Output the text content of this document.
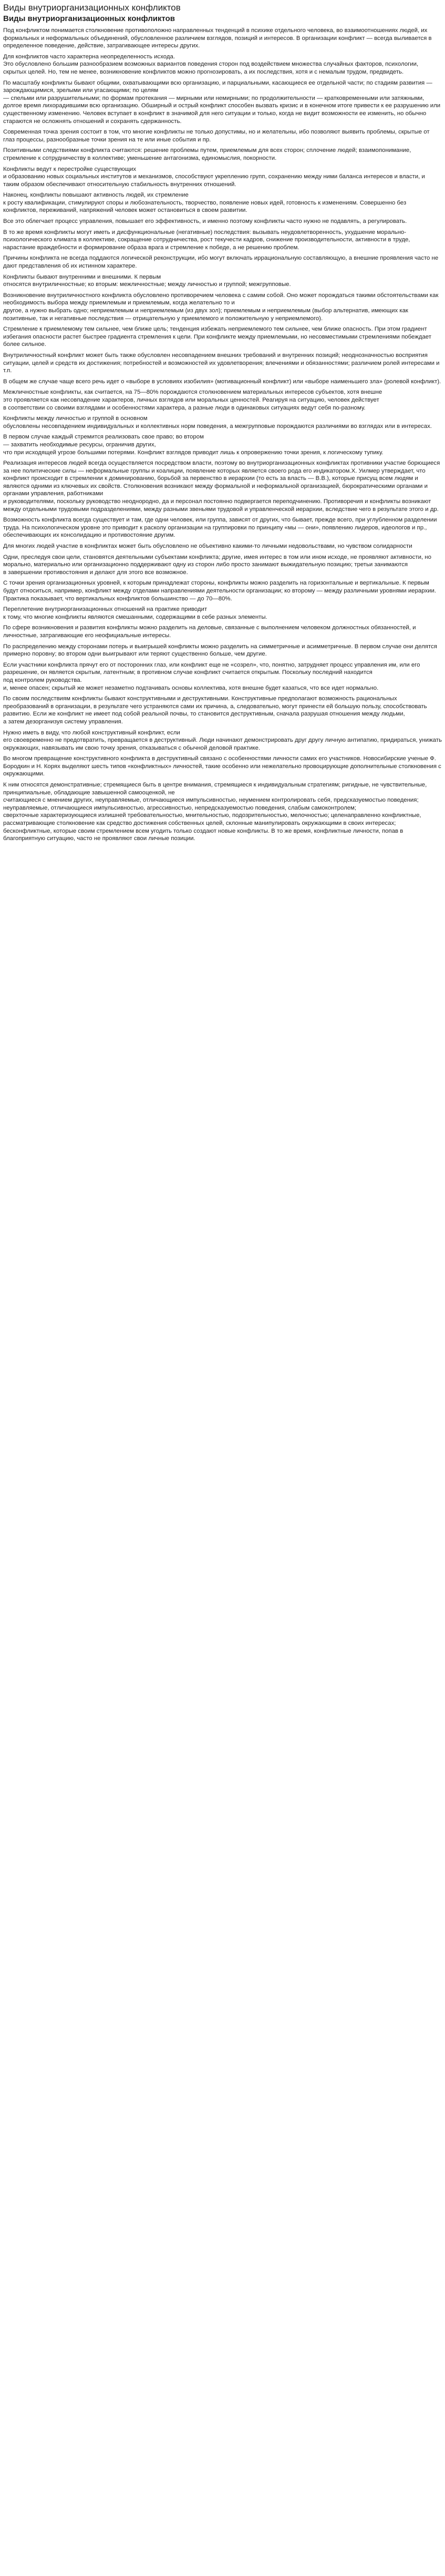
Виды внутриорганизационных конфликтов
Виды внутриорганизационных конфликтов

Под конфликтом понимается столкновение противоположно направленных тенденций в психике отдельного человека, во взаимоотношениях людей, их формальных и неформальных объединений, обусловленное различием взглядов, позиций и интересов. В организации конфликт — всегда выливается в определенное поведение, действие, затрагивающее интересы других.

Для конфликтов часто характерна неопределенность исхода.
Это обусловлено большим разнообразием возможных вариантов поведения сторон под воздействием множества случайных факторов, психологии, скрытых целей. Но, тем не менее, возникновение конфликтов можно прогнозировать, а их последствия, хотя и с немалым трудом, предвидеть.

По масштабу конфликты бывают общими, охватывающими всю организацию, и парциальными, касающиеся ее отдельной части; по стадиям развития — зарождающимися, зрелыми или угасающими; по целям
— спельми или разрушительными; по формам протекания — мирными или немирными; по продолжительности — кратковременными или затяжными, долгое время лихорадившими всю организацию. Обширный и острый конфликт способен вызвать кризис и в конечном итоге привести к ее разрушению или существенному изменению. Человек вступает в конфликт в значимой для него ситуации и только, когда не видит возможности ее изменить, но обычно стараются не осложнять отношений и сохранять сдержанность.

Современная точка зрения состоит в том, что многие конфликты не только допустимы, но и желательны, ибо позволяют выявить проблемы, скрытые от глаз процессы, разнообразные точки зрения на те или иные события и пр.

Позитивными следствиями конфликта считаются: решение проблемы путем, приемлемым для всех сторон; сплочение людей; взаимопонимание, стремление к сотрудничеству в коллективе; уменьшение антагонизма, единомыслия, покорности.

Конфликты ведут к перестройке существующих
и образованию новых социальных институтов и механизмов, способствуют укреплению групп, сохранению между ними баланса интересов и власти, и таким образом обеспечивают относительную стабильность внутренних отношений.

Наконец, конфликты повышают активность людей, их стремление
к росту квалификации, стимулируют споры и любознательность, творчество, появление новых идей, готовность к изменениям. Совершенно без конфликтов, переживаний, напряжений человек может остановиться в своем развитии.

Все это облегчает процесс управления, повышает его эффективность, и именно поэтому конфликты часто нужно не подавлять, а регулировать.

В то же время конфликты могут иметь и дисфункциональные (негативные) последствия: вызывать неудовлетворенность, ухудшение морально-психологического климата в коллективе, сокращение сотрудничества, рост текучести кадров, снижение производительности, активности в труде, нарастание враждебности и формирование образа врага и стремление к победе, а не решению проблем.

Причины конфликта не всегда поддаются логической реконструкции, ибо могут включать иррациональную составляющую, а внешние проявления часто не дают представления об их истинном характере.

Конфликты бывают внутренними и внешними. К первым
относятся внутриличностные; ко вторым: межличностные; между личностью и группой; межгрупповые.

Возникновение внутриличностного конфликта обусловлено противоречием человека с самим собой. Оно может порождаться такими обстоятельствами как необходимость выбора между приемлемым и приемлемым, когда желательно то и
другое, а нужно выбрать одно; неприемлемым и неприемлемым (из двух зол); приемлемым и неприемлемым (выбор альтернатив, имеющих как позитивные, так и негативные последствия — отрицательную у приемлемого и положительную у неприемлемого).

Стремление к приемлемому тем сильнее, чем ближе цель; тенденция избежать неприемлемого тем сильнее, чем ближе опасность. При этом градиент избегания опасности растет быстрее градиента стремления к цели. При конфликте между приемлемыми, но несовместимыми стремлениями побеждает более сильное.

Внутриличностный конфликт может быть также обусловлен несовпадением внешних требований и внутренних позиций; неоднозначностью восприятия ситуации, целей и средств их достижения; потребностей и возможностей их удовлетворения; влечениями и обязанностями; различием ролей интересами и т.п.

В общем же случае чаще всего речь идет о «выборе в условиях изобилия» (мотивационный конфликт) или «выборе наименьшего зла» (ролевой конфликт).

Межличностные конфликты, как считается, на 75—80% порождаются столкновением материальных интересов субъектов, хотя внешне
это проявляется как несовпадение характеров, личных взглядов или моральных ценностей. Реагируя на ситуацию, человек действует
в соответствии со своими взглядами и особенностями характера, а разные люди в одинаковых ситуациях ведут себя по-разному.

Конфликты между личностью и группой в основном
обусловлены несовпадением индивидуальных и коллективных норм поведения, а межгрупповые порождаются различиями во взглядах или в интересах.

В первом случае каждый стремится реализовать свое право; во втором
— захватить необходимые ресурсы, ограничив других,
что при исходящей угрозе большими потерями. Конфликт взглядов приводит лишь к опровержению точки зрения, к логическому тупику.

Реализация интересов людей всегда осуществляется посредством власти, поэтому во внутриорганизационных конфликтах противники участие борющиеся за нее политические силы — неформальные группы и коалиции, появление которых является своего рода его индикатором.Х. Уилмер утверждает, что конфликт происходит в стремлении к доминированию, борьбой за первенство в иерархии (то есть за власть — В.В.), которые присущ всем людям и являются одними из ключевых их свойств. Столкновения возникают между формальной и неформальной организацией, бюрократическими органами и органами управления, работниками
и руководителями, поскольку руководство неоднородно, да и персонал постоянно подвергается переподчинению. Противоречия и конфликты возникают между отдельными трудовыми подразделениями, между разными звеньями трудовой и управленческой иерархии, вследствие чего в результате этого и др.

Возможность конфликта всегда существует и там, где одни человек, или группа, зависят от других, что бывает, прежде всего, при углубленном разделении труда. На психологическом уровне это приводит к расколу организации на группировки по принципу «мы — они», появлению лидеров, идеологов и пр., обеспечивающих их консолидацию и противостояние другим.

Для многих людей участие в конфликтах может быть обусловлено не объективно какими-то личными недовольствами, но чувством солидарности

Одни, преследуя свои цели, становятся деятельными субъектами конфликта; другие, имея интерес в том или ином исходе, не проявляют активности, но морально, материально или организационно поддерживают одну из сторон либо просто занимают выжидательную позицию; третьи занимаются
в завершении противостояния и делают для этого все возможное.

С точки зрения организационных уровней, к которым принадлежат стороны, конфликты можно разделить на горизонтальные и вертикальные. К первым будут относиться, например, конфликт между отделами направлениями деятельности организации; ко второму — между различными уровнями иерархии. Практика показывает, что вертикальных конфликтов большинство — до 70—80%.

Переплетение внутриорганизационных отношений на практике приводит
к тому, что многие конфликты являются смешанными, содержащими в себе разных элементы.

По сфере возникновения и развития конфликты можно разделить на деловые, связанные с выполнением человеком должностных обязанностей, и личностные, затрагивающие его неофициальные интересы.

По распределению между сторонами потерь и выигрышей конфликты можно разделить на симметричные и асимметричные. В первом случае они делятся примерно поровну; во втором одни выигрывают или теряют существенно больше, чем другие.

Если участники конфликта прячут его от посторонних глаз, или конфликт еще не «созрел», что, понятно, затрудняет процесс управления им, или его разрешение, он является скрытым, латентным; в противном случае конфликт считается открытым. Поскольку последний находится
под контролем руководства.
и, менее опасен; скрытый же может незаметно подтачивать основы коллектива, хотя внешне будет казаться, что все идет нормально.

По своим последствиям конфликты бывают конструктивными и деструктивными. Конструктивные предполагают возможность рациональных преобразований в организации, в результате чего устраняются сами их причина, а, следовательно, могут принести ей большую пользу, способствовать развитию. Если же конфликт не имеет под собой реальной почвы, то становится деструктивным, сначала разрушая отношения между людьми,
а затем дезорганизуя систему управления.

Нужно иметь в виду, что любой конструктивный конфликт, если
его своевременно не предотвратить, превращается в деструктивный. Люди начинают демонстрировать друг другу личную антипатию, придираться, унижать окружающих, навязывать им свою точку зрения, отказываться с обычной деловой практике.

Во многом превращение конструктивного конфликта в деструктивный связано с особенностями личности самих его участников. Новосибирские ученые Ф. Бородкин и Н. Корях выделяют шесть типов «конфликтных» личностей, такие особенно или нежелательно провоцирующие дополнительные столкновения с окружающими.

К ним относятся демонстративные; стремящиеся быть в центре внимания, стремящиеся к индивидуальным стратегиям; ригидные, не чувствительные, принципиальные, обладающие завышенной самооценкой, не
считающиеся с мнением других, неуправляемые, отличающиеся импульсивностью, неумением контролировать себя, предсказуемостью поведения; неуправляемые, отличающиеся импульсивностью, агрессивностью, непредсказуемостью поведения, слабым самоконтролем;
сверхточные характеризующиеся излишней требовательностью, мнительностью, подозрительностью, мелочностью; целенаправленно конфликтные, рассматривающие столкновение как средство достижения собственных целей, склонные манипулировать окружающими в своих интересах; бесконфликтные, которые своим стремлением всем угодить только создают новые конфликты. В то же время, конфликтные личности, попав в благоприятную ситуацию, часто не проявляют свои личные позиции.
